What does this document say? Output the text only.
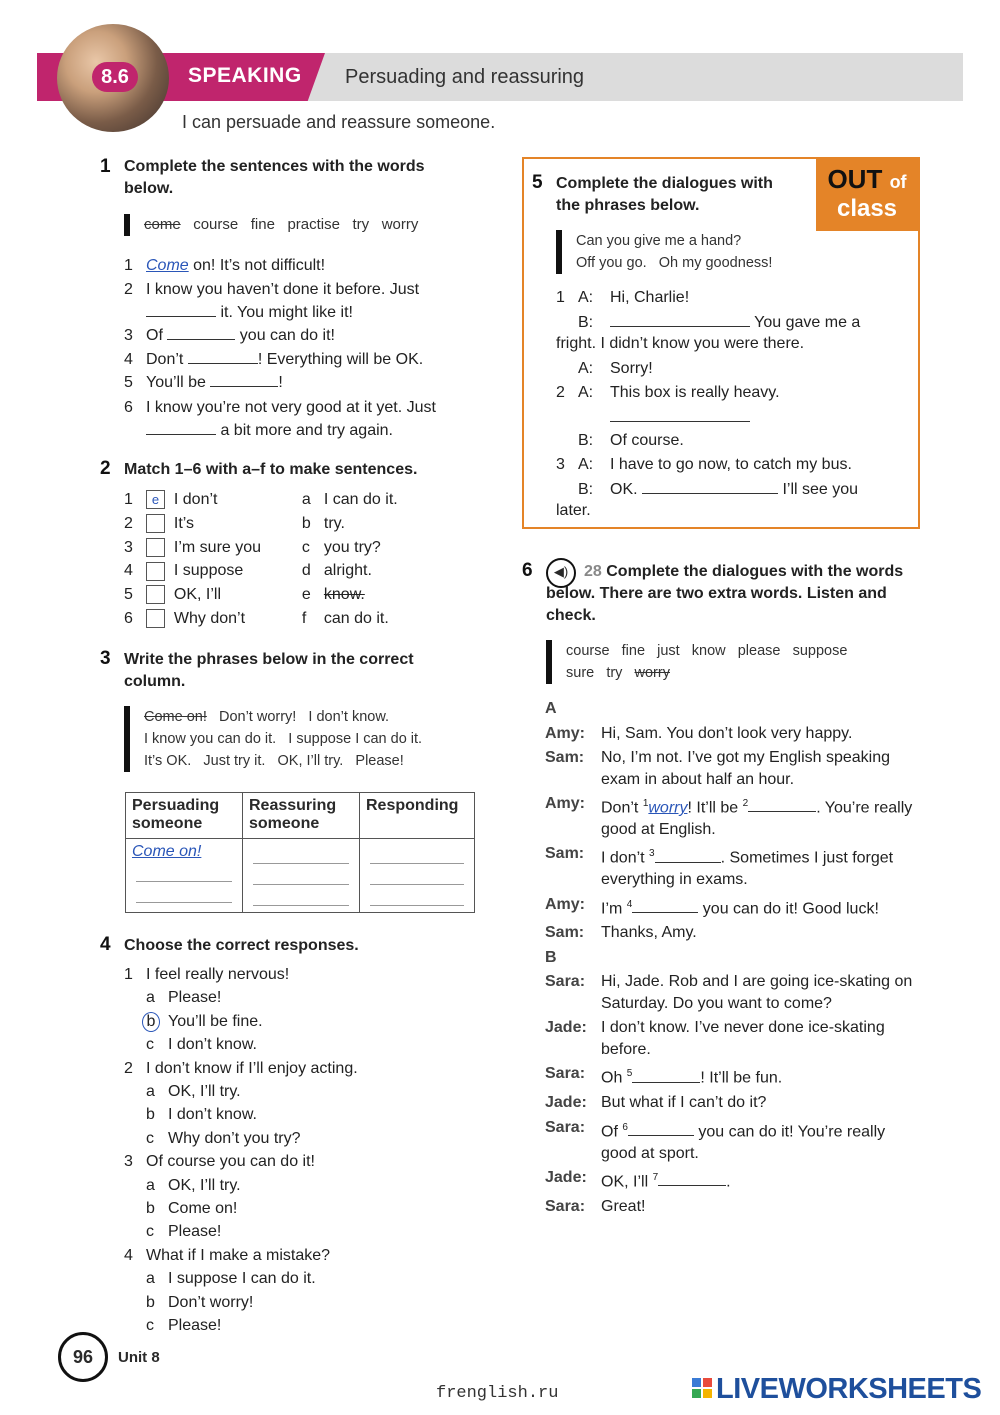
8.6	SPEAKING Persuading and reassuring
I can persuade and reassure someone.
1 Complete the sentences with the words below.
come course fine practise try worry
1 Come on! It’s not difficult!
2 I know you haven’t done it before. Just
it. You might like it!
3 Of	you can do it!
4 Don’t	! Everything will be OK.
5 You’ll be	!
6 I know you’re not very good at it yet. Just
a bit more and try again.
2 Match 1–6 with a–f to make sentences.
1 e I don’t	a I can do it.
2	It’s	b try.
3	I’m sure you	c you try?
4	I suppose	d alright.
5	OK, I’ll	e know.
6	Why don’t	f can do it.
3 Write the phrases below in the correct column.
Come on! Don’t worry! I don’t know.
I know you can do it. I suppose I can do it.
It’s OK. Just try it. OK, I’ll try. Please!
Persuading someone	Reassuring someone	Responding
Come on!

4 Choose the correct responses.
1 I feel really nervous!
a Please!
b You’ll be fine.
c I don’t know.
2 I don’t know if I’ll enjoy acting.
a OK, I’ll try.
b I don’t know.
c Why don’t you try?
3 Of course you can do it!
a OK, I’ll try.
b Come on!
c Please!
4 What if I make a mistake?
a I suppose I can do it.
b Don’t worry!
c Please!
OUT of
class
5 Complete the dialogues with the phrases below.
Can you give me a hand?
Off you go. Oh my goodness!
1 A: Hi, Charlie!
B:	You gave me a fright. I didn’t know you were there.
A: Sorry!
2 A: This box is really heavy.
B: Of course.
3 A: I have to go now, to catch my bus.
B: OK.	I’ll see you later.
6	◀) 28 Complete the dialogues with the words below. There are two extra words. Listen and check.
course fine just know please suppose
sure try worry
A
Amy: Hi, Sam. You don’t look very happy.
Sam:	No, I’m not. I’ve got my English speaking exam in about half an hour.
Amy: Don’t $^1$worry! It’ll be $^2$	. You’re really good at English.
Sam:	I don’t $^3$	. Sometimes I just forget everything in exams.
Amy: I’m $^4$	you can do it! Good luck!
Sam:	Thanks, Amy.
B
Sara: Hi, Jade. Rob and I are going ice-skating on Saturday. Do you want to come?
Jade: I don’t know. I’ve never done ice-skating before.
Sara: Oh $^5$	! It’ll be fun.
Jade: But what if I can’t do it?
Sara: Of $^6$	you can do it! You’re really good at sport.
Jade: OK, I’ll $^7$	.
Sara: Great!
96	Unit 8
frenglish.ru	LIVEWORKSHEETS
